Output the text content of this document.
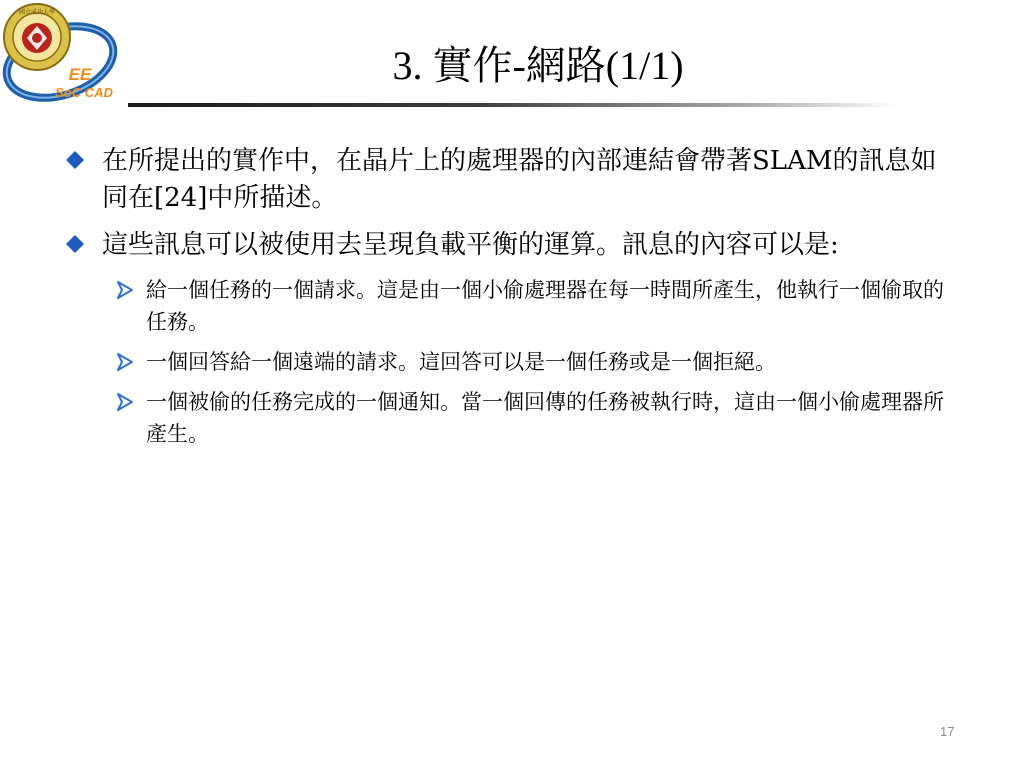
國立成功大學
EE
SoC CAD
3. 實作-網路(1/1)
在所提出的實作中，在晶片上的處理器的內部連結會帶著SLAM的訊息如同在[24]中所描述。
這些訊息可以被使用去呈現負載平衡的運算。訊息的內容可以是:
給一個任務的一個請求。這是由一個小偷處理器在每一時間所產生，他執行一個偷取的任務。
一個回答給一個遠端的請求。這回答可以是一個任務或是一個拒絕。
一個被偷的任務完成的一個通知。當一個回傳的任務被執行時，這由一個小偷處理器所產生。
17
